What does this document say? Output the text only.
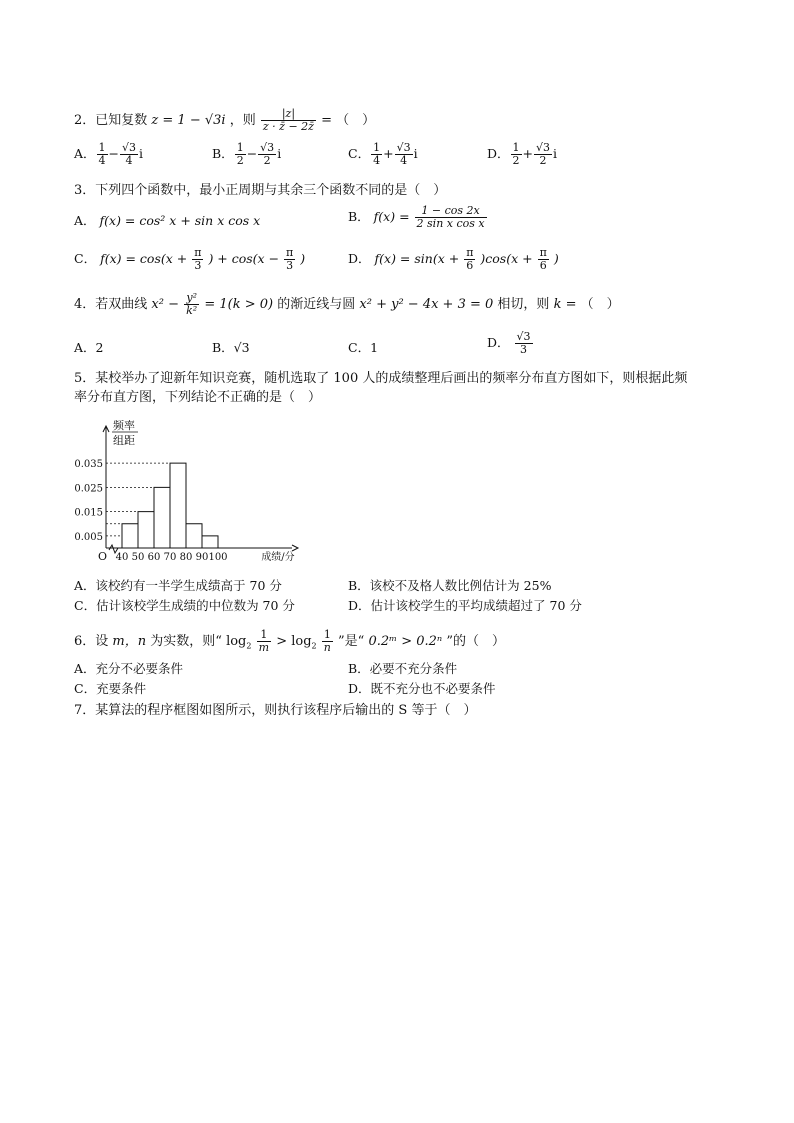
2．已知复数 z = 1 − √3i ，则 $\frac{|z|}{z \cdot z̄ - 2z̄}$ = （　）
A． $\frac{1}{4} - \frac{√3}{4}$ i	B． $\frac{1}{2} - \frac{√3}{2}$ i	C． $\frac{1}{4} + \frac{√3}{4}$ i	D． $\frac{1}{2} + \frac{√3}{2}$ i
3．下列四个函数中，最小正周期与其余三个函数不同的是（　）
A． f(x) = cos² x + sin x cos x	B． $f(x) = \frac{1 - \cos 2x}{\text{2 sin x cos x}}$
C． $f(x) = \cos(x + \frac{\pi}{3}$ ) + $\cos(x - \frac{\pi}{3}$ )	D． $f(x) = \sin(x + \frac{\pi}{6} )\cos(x + \frac{\pi}{6}$ )
4．若双曲线 $x^2 - \frac{\text{y²}}{\text{k²}} = 1(k > 0)$ 的渐近线与圆 x² + y² − 4x + 3 = 0 相切，则 k = （　）
A．2	B．√3	C．1	D． $\frac{√3}{3}$
5．某校举办了迎新年知识竞赛，随机选取了 100 人的成绩整理后画出的频率分布直方图如下，则根据此频
率分布直方图，下列结论不正确的是（　）
频率
组距
0.005
0.015
0.025
0.035
40 50 60 70 80 90 100
O	成绩/分
A．该校约有一半学生成绩高于 70 分	B．该校不及格人数比例估计为 25%
C．估计该校学生成绩的中位数为 70 分	D．估计该校学生的平均成绩超过了 70 分
6．设 m，n 为实数，则“ $\log_2 \frac{1}{m} > \log_2 \frac{1}{n}$ ”是“ 0.2ᵐ > 0.2ⁿ ”的（　）
A．充分不必要条件	B．必要不充分条件
C．充要条件	D．既不充分也不必要条件
7．某算法的程序框图如图所示，则执行该程序后输出的 S 等于（　）
